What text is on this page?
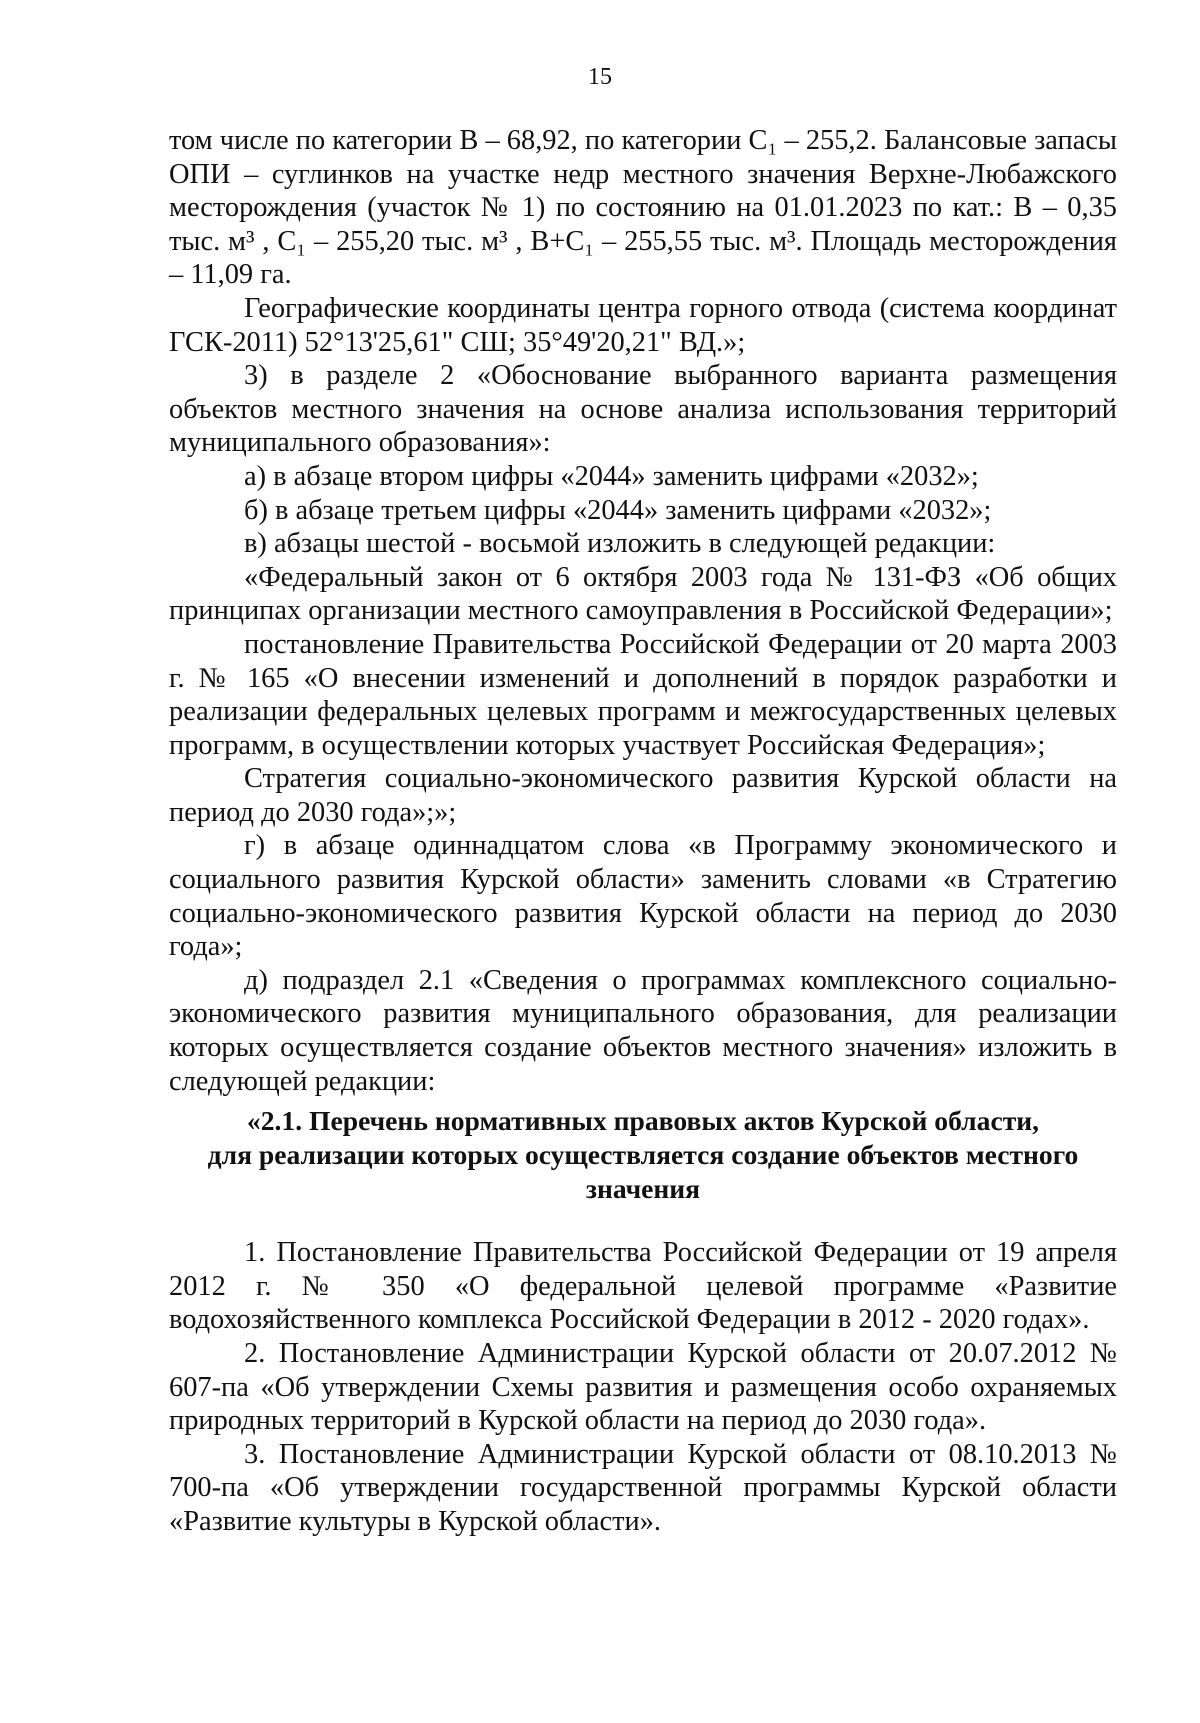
15

том числе по категории В – 68,92, по категории С₁ – 255,2. Балансовые запасы ОПИ – суглинков на участке недр местного значения Верхне-Любажского месторождения (участок № 1) по состоянию на 01.01.2023 по кат.: В – 0,35 тыс. м³ , С₁ – 255,20 тыс. м³ , В+С₁ – 255,55 тыс. м³. Площадь месторождения – 11,09 га.

Географические координаты центра горного отвода (система координат ГСК-2011) 52°13'25,61" СШ; 35°49'20,21" ВД.»;

3) в разделе 2 «Обоснование выбранного варианта размещения объектов местного значения на основе анализа использования территорий муниципального образования»:

а) в абзаце втором цифры «2044» заменить цифрами «2032»;

б) в абзаце третьем цифры «2044» заменить цифрами «2032»;

в) абзацы шестой - восьмой изложить в следующей редакции:

«Федеральный закон от 6 октября 2003 года № 131-ФЗ «Об общих принципах организации местного самоуправления в Российской Федерации»;

постановление Правительства Российской Федерации от 20 марта 2003 г. № 165 «О внесении изменений и дополнений в порядок разработки и реализации федеральных целевых программ и межгосударственных целевых программ, в осуществлении которых участвует Российская Федерация»;

Стратегия социально-экономического развития Курской области на период до 2030 года»;»;

г) в абзаце одиннадцатом слова «в Программу экономического и социального развития Курской области» заменить словами «в Стратегию социально-экономического развития Курской области на период до 2030 года»;

д) подраздел 2.1 «Сведения о программах комплексного социально-экономического развития муниципального образования, для реализации которых осуществляется создание объектов местного значения» изложить в следующей редакции:

«2.1. Перечень нормативных правовых актов Курской области,
для реализации которых осуществляется создание объектов местного
значения

1. Постановление Правительства Российской Федерации от 19 апреля 2012 г. № 350 «О федеральной целевой программе «Развитие водохозяйственного комплекса Российской Федерации в 2012 - 2020 годах».

2. Постановление Администрации Курской области от 20.07.2012 № 607-па «Об утверждении Схемы развития и размещения особо охраняемых природных территорий в Курской области на период до 2030 года».

3. Постановление Администрации Курской области от 08.10.2013 № 700-па «Об утверждении государственной программы Курской области «Развитие культуры в Курской области».
